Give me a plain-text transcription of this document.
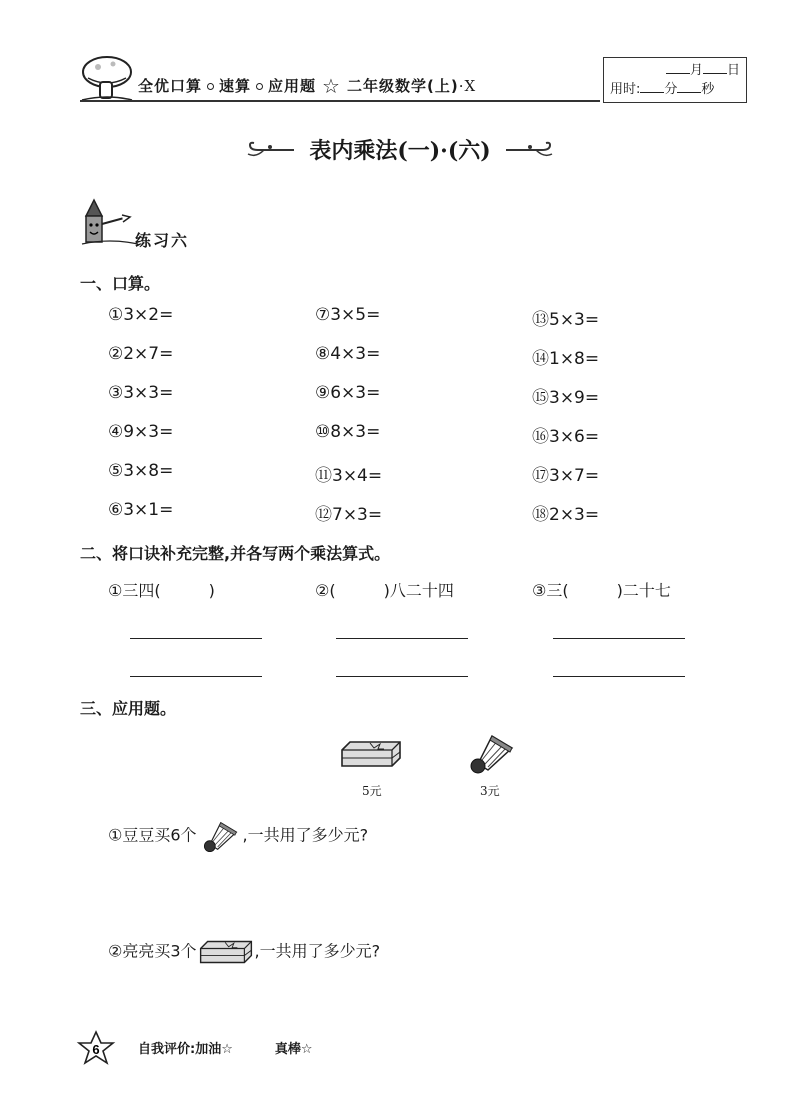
全优口算 速算 应用题 ☆ 二年级数学(上)·X
月 日
用时: 分 秒
表内乘法(一)·(六)
练习六
一、口算。
①3×2=	⑦3×5=	⑬5×3=
②2×7=	⑧4×3=	⑭1×8=
③3×3=	⑨6×3=	⑮3×9=
④9×3=	⑩8×3=	⑯3×6=
⑤3×8=	⑪3×4=	⑰3×7=
⑥3×1=	⑫7×3=	⑱2×3=
二、将口诀补充完整,并各写两个乘法算式。
①三四(　　　)	②(　　　)八二十四	③三(　　　)二十七
三、应用题。
5元	3元
①豆豆买6个	,一共用了多少元?
②亮亮买3个	,一共用了多少元?
6	自我评价:加油☆	真棒☆
